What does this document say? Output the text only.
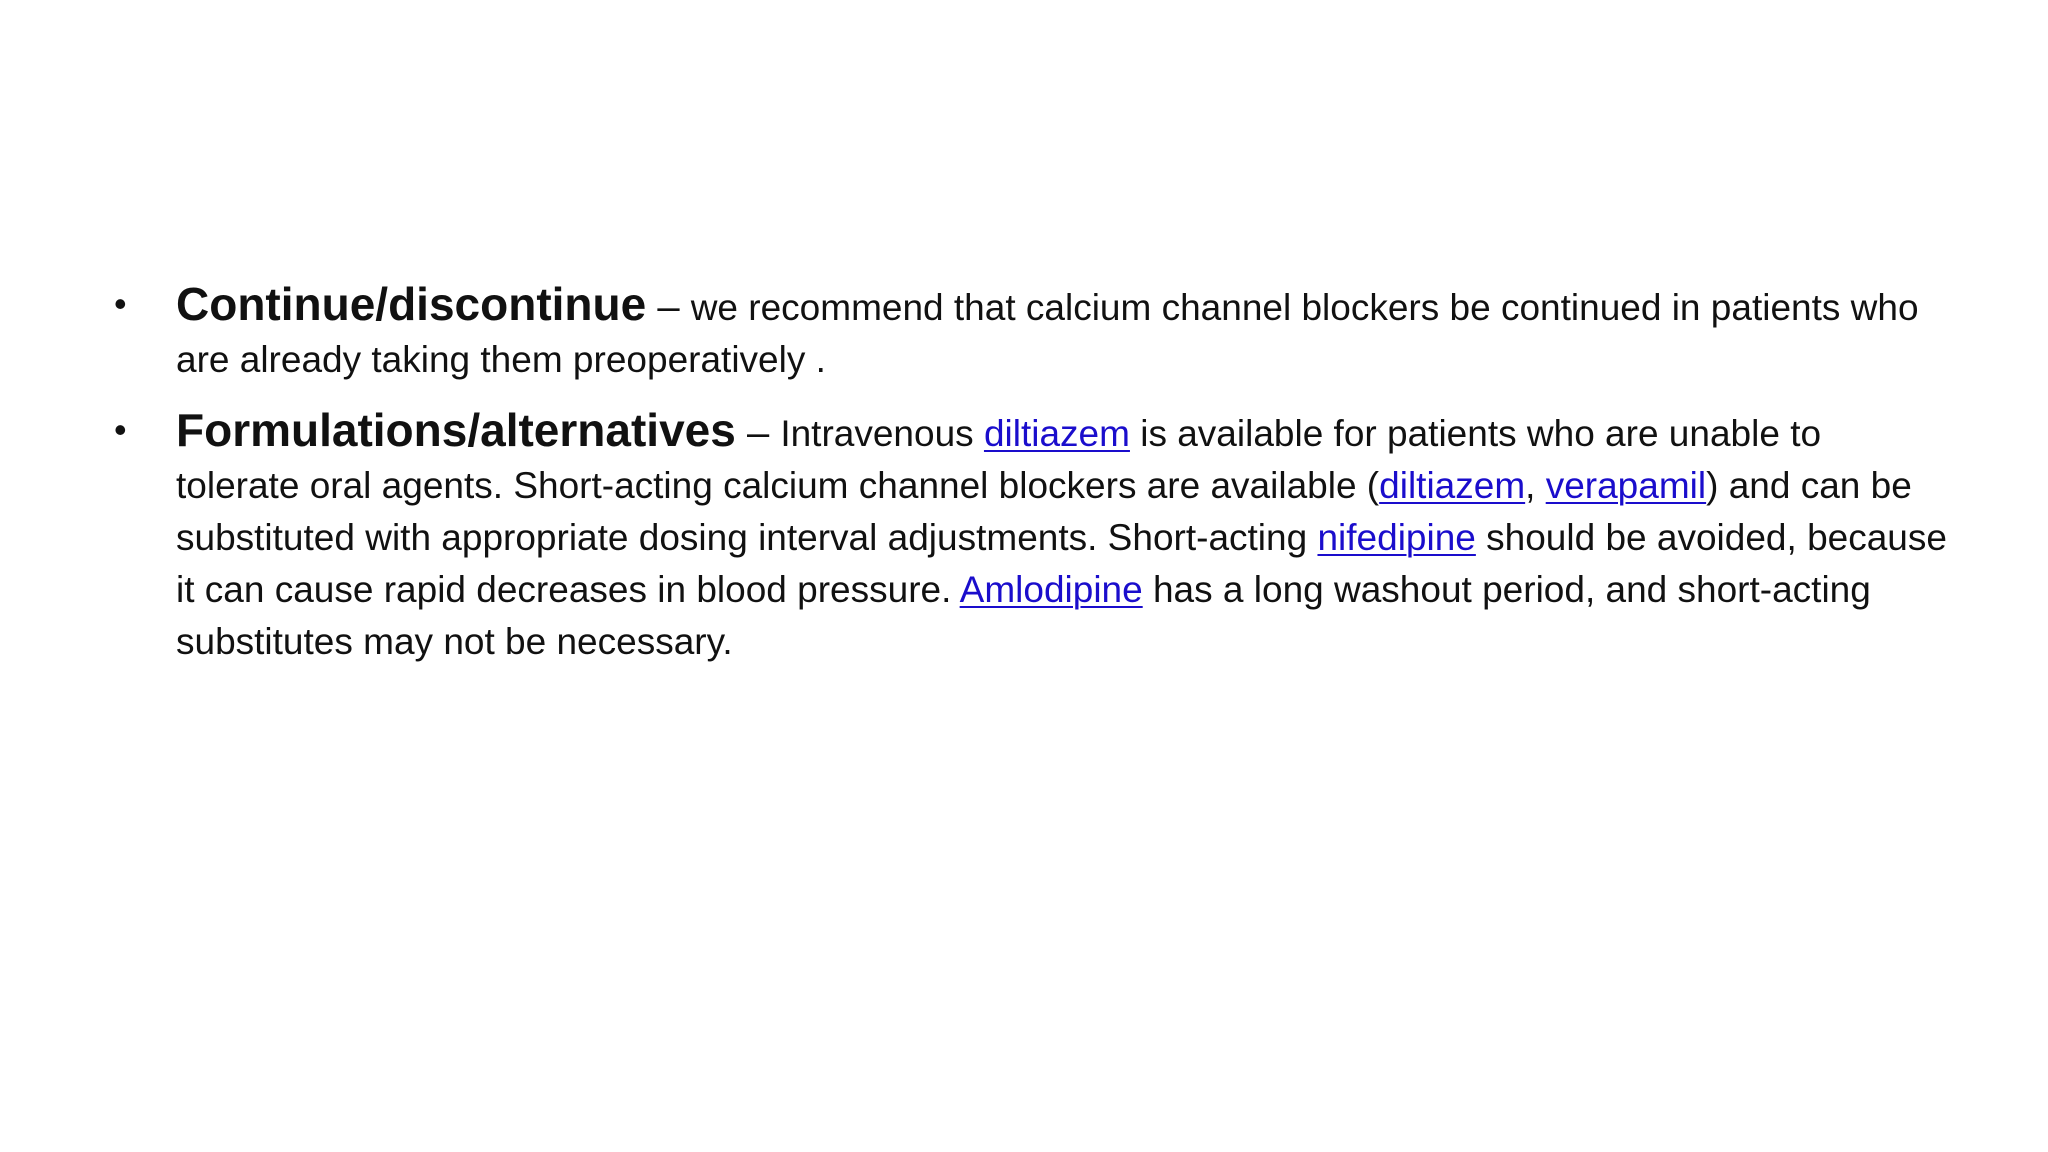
• Continue/discontinue – we recommend that calcium channel blockers be continued in patients who are already taking them preoperatively .
• Formulations/alternatives – Intravenous diltiazem is available for patients who are unable to tolerate oral agents. Short-acting calcium channel blockers are available (diltiazem, verapamil) and can be substituted with appropriate dosing interval adjustments. Short-acting nifedipine should be avoided, because it can cause rapid decreases in blood pressure. Amlodipine has a long washout period, and short-acting substitutes may not be necessary.
